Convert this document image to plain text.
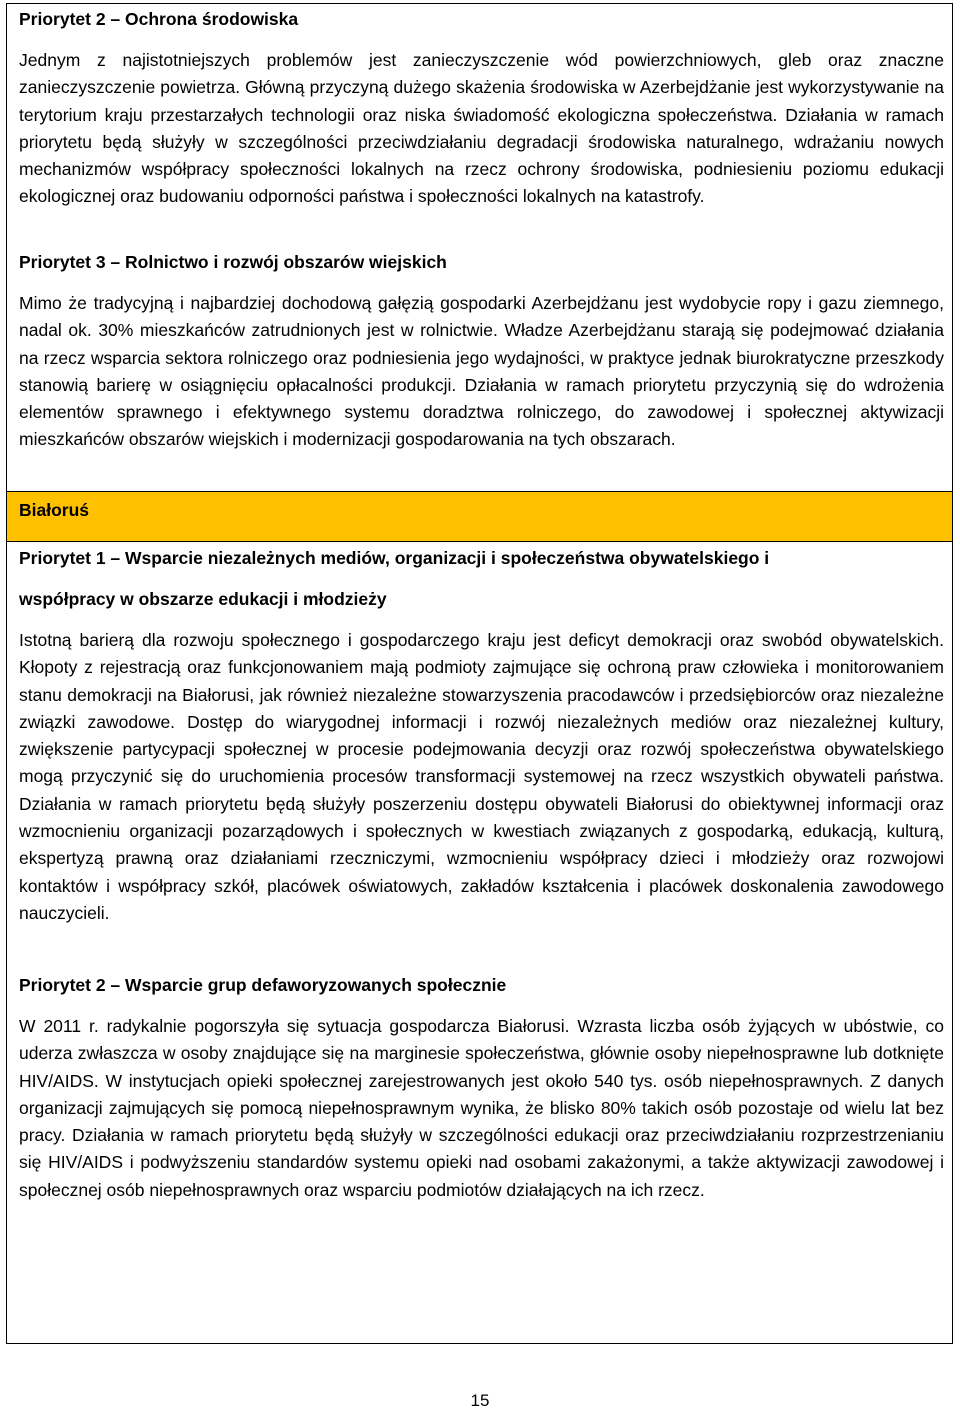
Priorytet 2 – Ochrona środowiska

Jednym z najistotniejszych problemów jest zanieczyszczenie wód powierzchniowych, gleb oraz znaczne zanieczyszczenie powietrza. Główną przyczyną dużego skażenia środowiska w Azerbejdżanie jest wykorzystywanie na terytorium kraju przestarzałych technologii oraz niska świadomość ekologiczna społeczeństwa. Działania w ramach priorytetu będą służyły w szczególności przeciwdziałaniu degradacji środowiska naturalnego, wdrażaniu nowych mechanizmów współpracy społeczności lokalnych na rzecz ochrony środowiska, podniesieniu poziomu edukacji ekologicznej oraz budowaniu odporności państwa i społeczności lokalnych na katastrofy.

Priorytet 3 – Rolnictwo i rozwój obszarów wiejskich

Mimo że tradycyjną i najbardziej dochodową gałęzią gospodarki Azerbejdżanu jest wydobycie ropy i gazu ziemnego, nadal ok. 30% mieszkańców zatrudnionych jest w rolnictwie. Władze Azerbejdżanu starają się podejmować działania na rzecz wsparcia sektora rolniczego oraz podniesienia jego wydajności, w praktyce jednak biurokratyczne przeszkody stanowią barierę w osiągnięciu opłacalności produkcji. Działania w ramach priorytetu przyczynią się do wdrożenia elementów sprawnego i efektywnego systemu doradztwa rolniczego, do zawodowej i społecznej aktywizacji mieszkańców obszarów wiejskich i modernizacji gospodarowania na tych obszarach.

Białoruś

Priorytet 1 – Wsparcie niezależnych mediów, organizacji i społeczeństwa obywatelskiego i

współpracy w obszarze edukacji i młodzieży

Istotną barierą dla rozwoju społecznego i gospodarczego kraju jest deficyt demokracji oraz swobód obywatelskich. Kłopoty z rejestracją oraz funkcjonowaniem mają podmioty zajmujące się ochroną praw człowieka i monitorowaniem stanu demokracji na Białorusi, jak również niezależne stowarzyszenia pracodawców i przedsiębiorców oraz niezależne związki zawodowe. Dostęp do wiarygodnej informacji i rozwój niezależnych mediów oraz niezależnej kultury, zwiększenie partycypacji społecznej w procesie podejmowania decyzji oraz rozwój społeczeństwa obywatelskiego mogą przyczynić się do uruchomienia procesów transformacji systemowej na rzecz wszystkich obywateli państwa. Działania w ramach priorytetu będą służyły poszerzeniu dostępu obywateli Białorusi do obiektywnej informacji oraz wzmocnieniu organizacji pozarządowych i społecznych w kwestiach związanych z gospodarką, edukacją, kulturą, ekspertyzą prawną oraz działaniami rzeczniczymi, wzmocnieniu współpracy dzieci i młodzieży oraz rozwojowi kontaktów i współpracy szkół, placówek oświatowych, zakładów kształcenia i placówek doskonalenia zawodowego nauczycieli.

Priorytet 2 – Wsparcie grup defaworyzowanych społecznie

W 2011 r. radykalnie pogorszyła się sytuacja gospodarcza Białorusi. Wzrasta liczba osób żyjących w ubóstwie, co uderza zwłaszcza w osoby znajdujące się na marginesie społeczeństwa, głównie osoby niepełnosprawne lub dotknięte HIV/AIDS. W instytucjach opieki społecznej zarejestrowanych jest około 540 tys. osób niepełnosprawnych. Z danych organizacji zajmujących się pomocą niepełnosprawnym wynika, że blisko 80% takich osób pozostaje od wielu lat bez pracy. Działania w ramach priorytetu będą służyły w szczególności edukacji oraz przeciwdziałaniu rozprzestrzenianiu się HIV/AIDS i podwyższeniu standardów systemu opieki nad osobami zakażonymi, a także aktywizacji zawodowej i społecznej osób niepełnosprawnych oraz wsparciu podmiotów działających na ich rzecz.

15
